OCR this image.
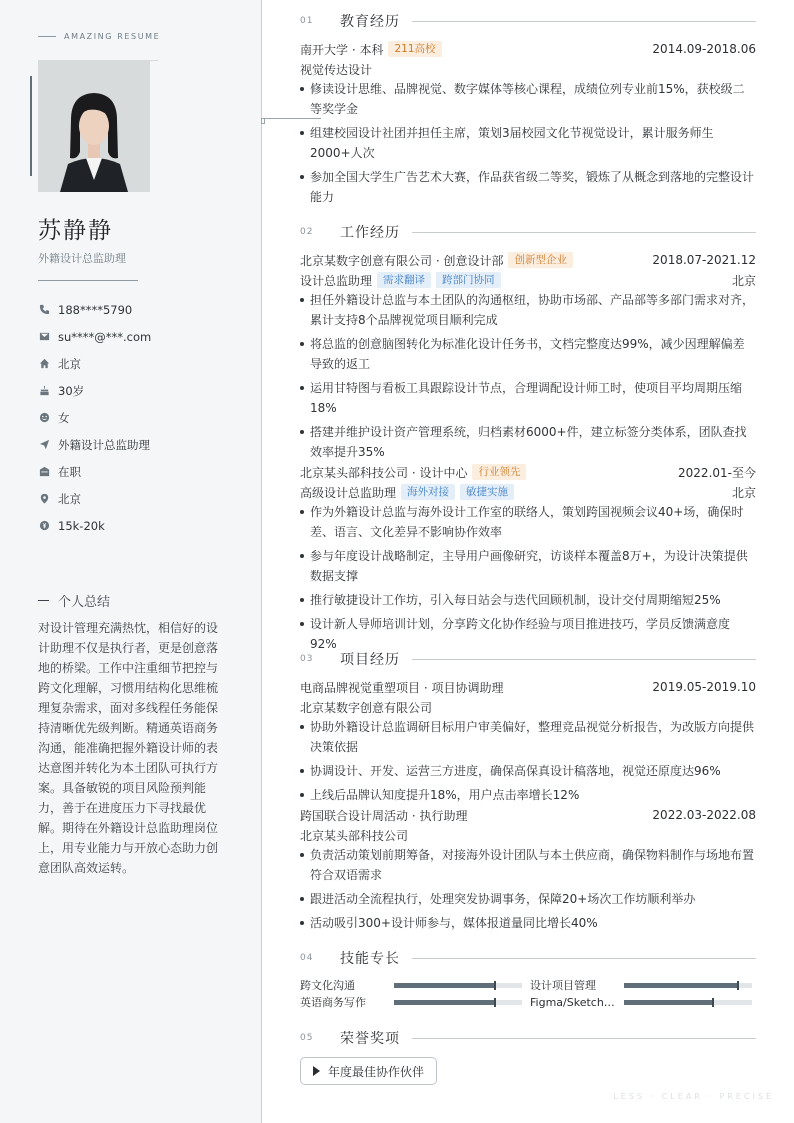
AMAZING RESUME
苏静静
外籍设计总监助理
188****5790
su****@***.com
北京
30岁
女
外籍设计总监助理
在职
北京
15k-20k
个人总结
对设计管理充满热忱，相信好的设计助理不仅是执行者，更是创意落地的桥梁。工作中注重细节把控与跨文化理解，习惯用结构化思维梳理复杂需求，面对多线程任务能保持清晰优先级判断。精通英语商务沟通，能准确把握外籍设计师的表达意图并转化为本土团队可执行方案。具备敏锐的项目风险预判能力，善于在进度压力下寻找最优解。期待在外籍设计总监助理岗位上，用专业能力与开放心态助力创意团队高效运转。
01	教育经历
南开大学 · 本科	211高校	2014.09-2018.06
视觉传达设计
修读设计思维、品牌视觉、数字媒体等核心课程，成绩位列专业前15%，获校级二等奖学金
组建校园设计社团并担任主席，策划3届校园文化节视觉设计，累计服务师生2000+人次
参加全国大学生广告艺术大赛，作品获省级二等奖，锻炼了从概念到落地的完整设计能力
02	工作经历
北京某数字创意有限公司 · 创意设计部	创新型企业	2018.07-2021.12
设计总监助理	需求翻译	跨部门协同	北京
担任外籍设计总监与本土团队的沟通枢纽，协助市场部、产品部等多部门需求对齐，累计支持8个品牌视觉项目顺利完成
将总监的创意脑图转化为标准化设计任务书，文档完整度达99%，减少因理解偏差导致的返工
运用甘特图与看板工具跟踪设计节点，合理调配设计师工时，使项目平均周期压缩18%
搭建并维护设计资产管理系统，归档素材6000+件，建立标签分类体系，团队查找效率提升35%
北京某头部科技公司 · 设计中心	行业领先	2022.01-至今
高级设计总监助理	海外对接	敏捷实施	北京
作为外籍设计总监与海外设计工作室的联络人，策划跨国视频会议40+场，确保时差、语言、文化差异不影响协作效率
参与年度设计战略制定，主导用户画像研究，访谈样本覆盖8万+，为设计决策提供数据支撑
推行敏捷设计工作坊，引入每日站会与迭代回顾机制，设计交付周期缩短25%
设计新人导师培训计划，分享跨文化协作经验与项目推进技巧，学员反馈满意度92%
03	项目经历
电商品牌视觉重塑项目 · 项目协调助理	2019.05-2019.10
北京某数字创意有限公司
协助外籍设计总监调研目标用户审美偏好，整理竞品视觉分析报告，为改版方向提供决策依据
协调设计、开发、运营三方进度，确保高保真设计稿落地，视觉还原度达96%
上线后品牌认知度提升18%，用户点击率增长12%
跨国联合设计周活动 · 执行助理	2022.03-2022.08
北京某头部科技公司
负责活动策划前期筹备，对接海外设计团队与本土供应商，确保物料制作与场地布置符合双语需求
跟进活动全流程执行，处理突发协调事务，保障20+场次工作坊顺利举办
活动吸引300+设计师参与，媒体报道量同比增长40%
04	技能专长
跨文化沟通	设计项目管理
英语商务写作	Figma/Sketch…
05	荣誉奖项
年度最佳协作伙伴
LESS · CLEAR · PRECISE
